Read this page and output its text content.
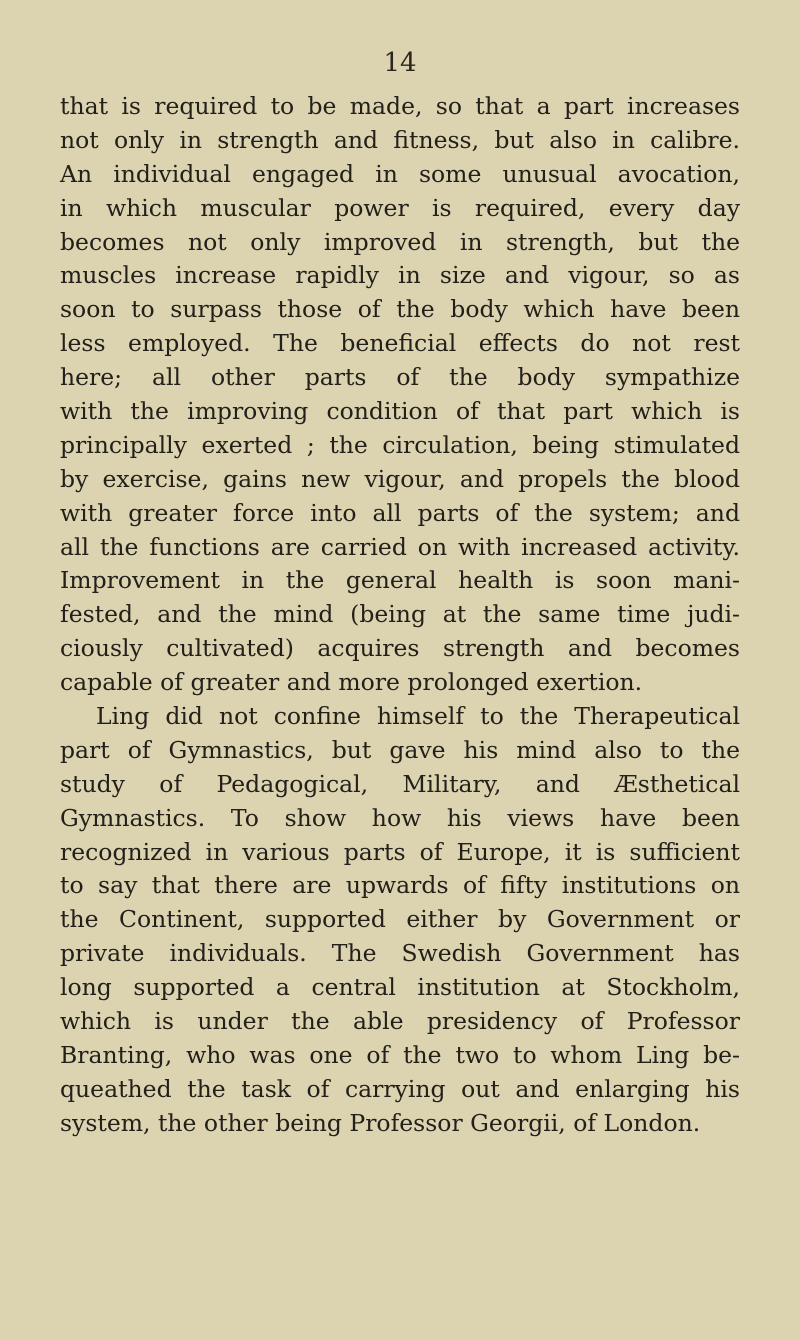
14
that is required to be made, so that a part increases
not only in strength and fitness, but also in calibre.
An individual engaged in some unusual avocation,
in which muscular power is required, every day
becomes not only improved in strength, but the
muscles increase rapidly in size and vigour, so as
soon to surpass those of the body which have been
less employed. The beneficial effects do not rest
here; all other parts of the body sympathize
with the improving condition of that part which is
principally exerted ; the circulation, being stimulated
by exercise, gains new vigour, and propels the blood
with greater force into all parts of the system; and
all the functions are carried on with increased activity.
Improvement in the general health is soon mani-
fested, and the mind (being at the same time judi-
ciously cultivated) acquires strength and becomes
capable of greater and more prolonged exertion.
Ling did not confine himself to the Therapeutical
part of Gymnastics, but gave his mind also to the
study of Pedagogical, Military, and Æsthetical
Gymnastics. To show how his views have been
recognized in various parts of Europe, it is sufficient
to say that there are upwards of fifty institutions on
the Continent, supported either by Government or
private individuals. The Swedish Government has
long supported a central institution at Stockholm,
which is under the able presidency of Professor
Branting, who was one of the two to whom Ling be-
queathed the task of carrying out and enlarging his
system, the other being Professor Georgii, of London.
